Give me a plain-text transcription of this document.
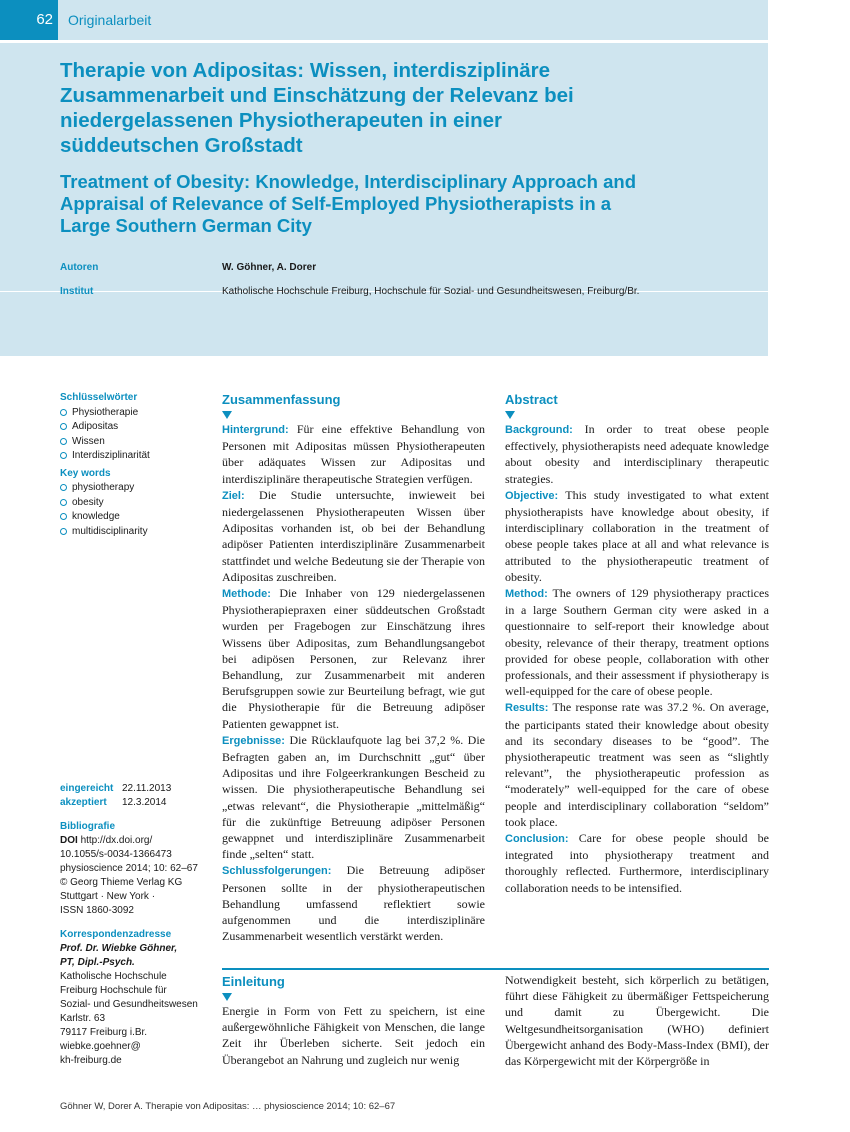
62	Originalarbeit
Therapie von Adipositas: Wissen, interdisziplinäre Zusammenarbeit und Einschätzung der Relevanz bei niedergelassenen Physiotherapeuten in einer süddeutschen Großstadt
Treatment of Obesity: Knowledge, Interdisciplinary Approach and Appraisal of Relevance of Self-Employed Physiotherapists in a Large Southern German City
Autoren	W. Göhner, A. Dorer
Institut	Katholische Hochschule Freiburg, Hochschule für Sozial- und Gesundheitswesen, Freiburg/Br.
Schlüsselwörter
Physiotherapie
Adipositas
Wissen
Interdisziplinarität
Key words
physiotherapy
obesity
knowledge
multidisciplinarity
eingereicht 22.11.2013
akzeptiert 12.3.2014
Bibliografie
DOI http://dx.doi.org/
10.1055/s-0034-1366473
physioscience 2014; 10: 62–67
© Georg Thieme Verlag KG
Stuttgart · New York ·
ISSN 1860-3092
Korrespondenzadresse
Prof. Dr. Wiebke Göhner,
PT, Dipl.-Psych.
Katholische Hochschule
Freiburg Hochschule für
Sozial- und Gesundheitswesen
Karlstr. 63
79117 Freiburg i.Br.
wiebke.goehner@
kh-freiburg.de
Zusammenfassung
Hintergrund: Für eine effektive Behandlung von Personen mit Adipositas müssen Physiotherapeuten über adäquates Wissen zur Adipositas und interdisziplinäre therapeutische Strategien verfügen.
Ziel: Die Studie untersuchte, inwieweit bei niedergelassenen Physiotherapeuten Wissen über Adipositas vorhanden ist, ob bei der Behandlung adipöser Patienten interdisziplinäre Zusammenarbeit stattfindet und welche Bedeutung sie der Therapie von Adipositas zuschreiben.
Methode: Die Inhaber von 129 niedergelassenen Physiotherapiepraxen einer süddeutschen Großstadt wurden per Fragebogen zur Einschätzung ihres Wissens über Adipositas, zum Behandlungsangebot bei adipösen Personen, zur Relevanz ihrer Behandlung, zur Zusammenarbeit mit anderen Berufsgruppen sowie zur Beurteilung befragt, wie gut die Physiotherapie für die Betreuung adipöser Patienten gewappnet ist.
Ergebnisse: Die Rücklaufquote lag bei 37,2 %. Die Befragten gaben an, im Durchschnitt „gut“ über Adipositas und ihre Folgeerkrankungen Bescheid zu wissen. Die physiotherapeutische Behandlung sei „etwas relevant“, die Physiotherapie „mittelmäßig“ für die zukünftige Betreuung adipöser Personen gewappnet und interdisziplinäre Zusammenarbeit finde „selten“ statt.
Schlussfolgerungen: Die Betreuung adipöser Personen sollte in der physiotherapeutischen Behandlung umfassend reflektiert sowie aufgenommen und die interdisziplinäre Zusammenarbeit wesentlich verstärkt werden.
Abstract
Background: In order to treat obese people effectively, physiotherapists need adequate knowledge about obesity and interdisciplinary therapeutic strategies.
Objective: This study investigated to what extent physiotherapists have knowledge about obesity, if interdisciplinary collaboration in the treatment of obese people takes place at all and what relevance is attributed to the physiotherapeutic treatment of obesity.
Method: The owners of 129 physiotherapy practices in a large Southern German city were asked in a questionnaire to self-report their knowledge about obesity, relevance of their therapy, treatment options provided for obese people, collaboration with other professionals, and their assessment if physiotherapy is well-equipped for the care of obese people.
Results: The response rate was 37.2 %. On average, the participants stated their knowledge about obesity and its secondary diseases to be “good”. The physiotherapeutic treatment was seen as “slightly relevant”, the physiotherapeutic profession as “moderately” well-equipped for the care of obese people and interdisciplinary collaboration “seldom” took place.
Conclusion: Care for obese people should be integrated into physiotherapy treatment and thoroughly reflected. Furthermore, interdisciplinary collaboration needs to be intensified.
Einleitung
Energie in Form von Fett zu speichern, ist eine außergewöhnliche Fähigkeit von Menschen, die lange Zeit ihr Überleben sicherte. Seit jedoch ein Überangebot an Nahrung und zugleich nur wenig
Notwendigkeit besteht, sich körperlich zu betätigen, führt diese Fähigkeit zu übermäßiger Fettspeicherung und damit zu Übergewicht. Die Weltgesundheitsorganisation (WHO) definiert Übergewicht anhand des Body-Mass-Index (BMI), der das Körpergewicht mit der Körpergröße in
Göhner W, Dorer A. Therapie von Adipositas: … physioscience 2014; 10: 62–67
